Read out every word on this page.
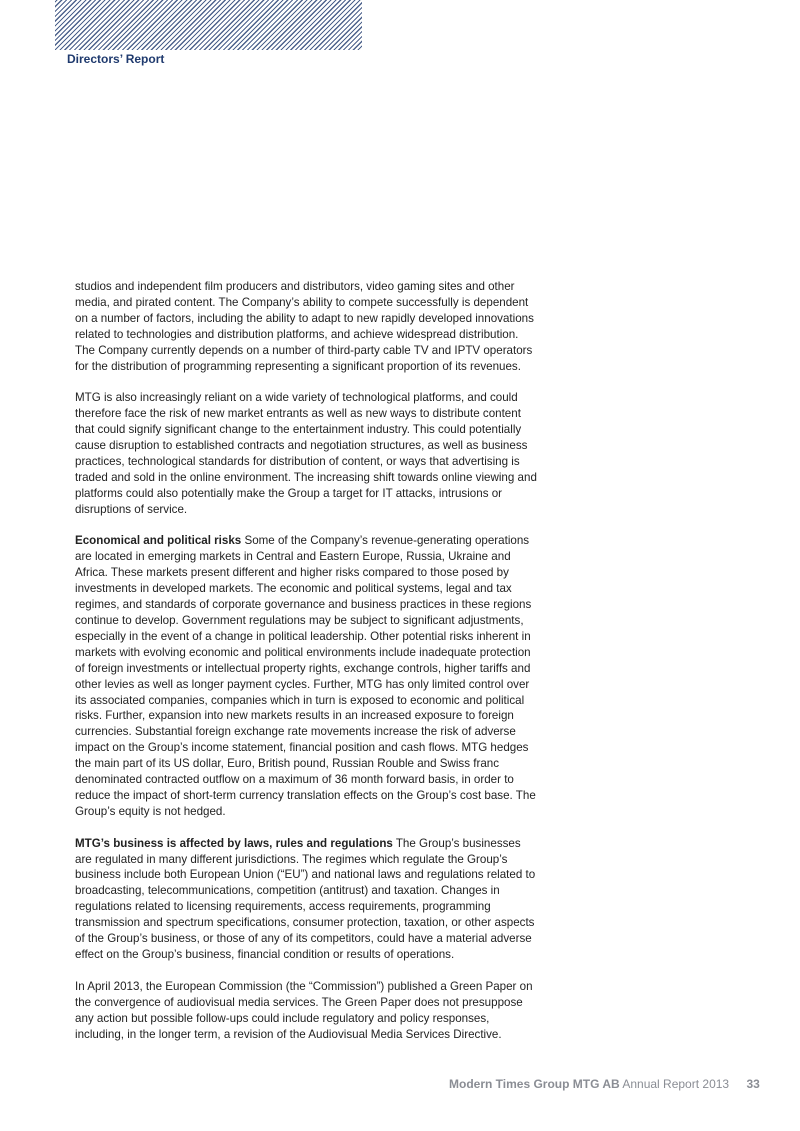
Directors’ Report
studios and independent film producers and distributors, video gaming sites and other
media, and pirated content. The Company’s ability to compete successfully is dependent
on a number of factors, including the ability to adapt to new rapidly developed innovations
related to technologies and distribution platforms, and achieve widespread distribution.
The Company currently depends on a number of third-party cable TV and IPTV operators
for the distribution of programming representing a significant proportion of its revenues.
MTG is also increasingly reliant on a wide variety of technological platforms, and could
therefore face the risk of new market entrants as well as new ways to distribute content
that could signify significant change to the entertainment industry. This could potentially
cause disruption to established contracts and negotiation structures, as well as business
practices, technological standards for distribution of content, or ways that advertising is
traded and sold in the online environment. The increasing shift towards online viewing and
platforms could also potentially make the Group a target for IT attacks, intrusions or
disruptions of service.
Economical and political risks Some of the Company’s revenue-generating operations
are located in emerging markets in Central and Eastern Europe, Russia, Ukraine and
Africa. These markets present different and higher risks compared to those posed by
investments in developed markets. The economic and political systems, legal and tax
regimes, and standards of corporate governance and business practices in these regions
continue to develop. Government regulations may be subject to significant adjustments,
especially in the event of a change in political leadership. Other potential risks inherent in
markets with evolving economic and political environments include inadequate protection
of foreign investments or intellectual property rights, exchange controls, higher tariffs and
other levies as well as longer payment cycles. Further, MTG has only limited control over
its associated companies, companies which in turn is exposed to economic and political
risks. Further, expansion into new markets results in an increased exposure to foreign
currencies. Substantial foreign exchange rate movements increase the risk of adverse
impact on the Group’s income statement, financial position and cash flows. MTG hedges
the main part of its US dollar, Euro, British pound, Russian Rouble and Swiss franc
denominated contracted outflow on a maximum of 36 month forward basis, in order to
reduce the impact of short-term currency translation effects on the Group’s cost base. The
Group’s equity is not hedged.
MTG’s business is affected by laws, rules and regulations The Group’s businesses
are regulated in many different jurisdictions. The regimes which regulate the Group’s
business include both European Union (“EU”) and national laws and regulations related to
broadcasting, telecommunications, competition (antitrust) and taxation. Changes in
regulations related to licensing requirements, access requirements, programming
transmission and spectrum specifications, consumer protection, taxation, or other aspects
of the Group’s business, or those of any of its competitors, could have a material adverse
effect on the Group’s business, financial condition or results of operations.
In April 2013, the European Commission (the “Commission”) published a Green Paper on
the convergence of audiovisual media services. The Green Paper does not presuppose
any action but possible follow-ups could include regulatory and policy responses,
including, in the longer term, a revision of the Audiovisual Media Services Directive.
Modern Times Group MTG AB Annual Report 2013 33
